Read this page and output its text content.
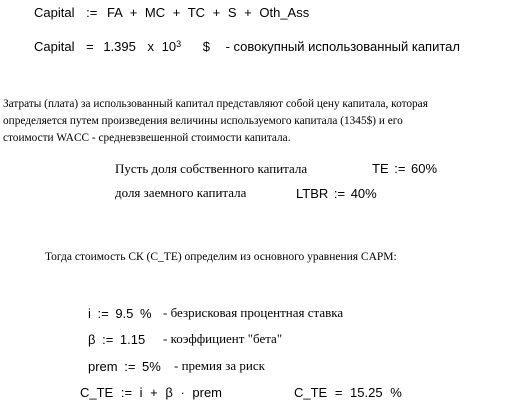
Capital := FA + MC + TC + S + Oth_Ass
Capital = 1.395 x $10^3$ $ - совокупный использованный капитал
Затраты (плата) за использованный капитал представляют собой цену капитала, которая
определяется путем произведения величины используемого капитала (1345$) и его
стоимости WACC - средневзвешенной стоимости капитала.
Пусть доля собственного капитала	TE := 60%
доля заемного капитала	LTBR := 40%
Тогда стоимость СК (C_TE) определим из основного уравнения CAPM:
i := 9.5 % - безрисковая процентная ставка
β := 1.15 - коэффициент "бета"
prem := 5% - премия за риск
C_TE := i + β · prem	C_TE = 15.25 %
